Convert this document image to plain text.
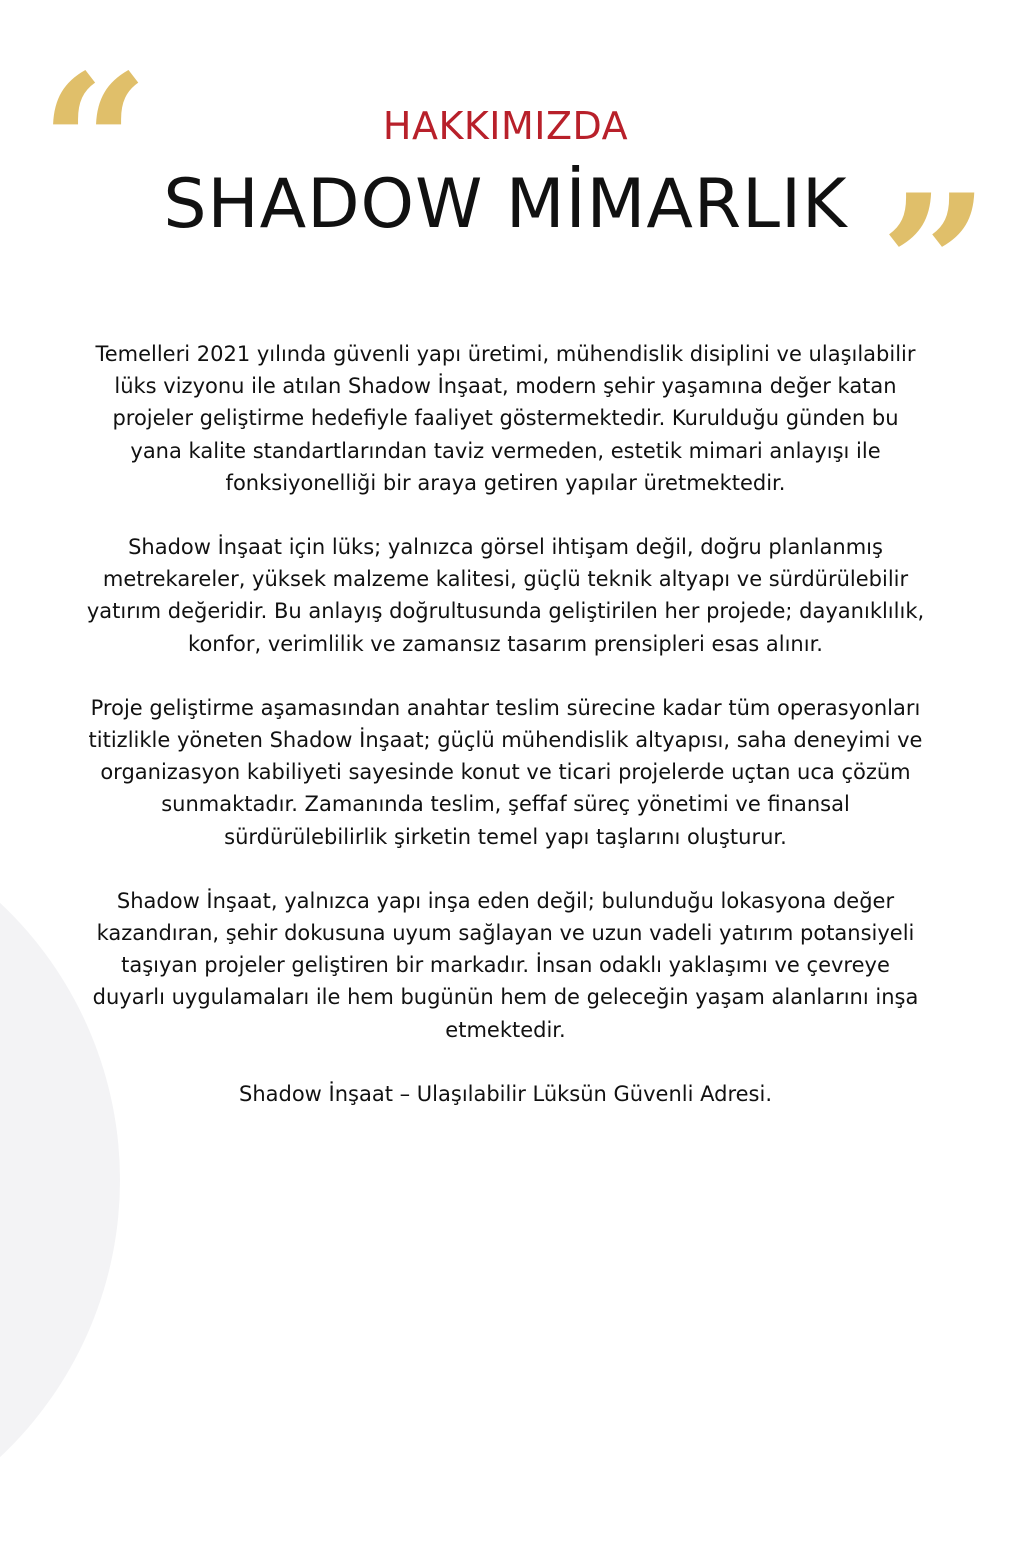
“
”
HAKKIMIZDA
SHADOW MİMARLIK

Temelleri 2021 yılında güvenli yapı üretimi, mühendislik disiplini ve ulaşılabilir lüks vizyonu ile atılan Shadow İnşaat, modern şehir yaşamına değer katan projeler geliştirme hedefiyle faaliyet göstermektedir. Kurulduğu günden bu yana kalite standartlarından taviz vermeden, estetik mimari anlayışı ile fonksiyonelliği bir araya getiren yapılar üretmektedir.

Shadow İnşaat için lüks; yalnızca görsel ihtişam değil, doğru planlanmış metrekareler, yüksek malzeme kalitesi, güçlü teknik altyapı ve sürdürülebilir yatırım değeridir. Bu anlayış doğrultusunda geliştirilen her projede; dayanıklılık, konfor, verimlilik ve zamansız tasarım prensipleri esas alınır.

Proje geliştirme aşamasından anahtar teslim sürecine kadar tüm operasyonları titizlikle yöneten Shadow İnşaat; güçlü mühendislik altyapısı, saha deneyimi ve organizasyon kabiliyeti sayesinde konut ve ticari projelerde uçtan uca çözüm sunmaktadır. Zamanında teslim, şeffaf süreç yönetimi ve finansal sürdürülebilirlik şirketin temel yapı taşlarını oluşturur.

Shadow İnşaat, yalnızca yapı inşa eden değil; bulunduğu lokasyona değer kazandıran, şehir dokusuna uyum sağlayan ve uzun vadeli yatırım potansiyeli taşıyan projeler geliştiren bir markadır. İnsan odaklı yaklaşımı ve çevreye duyarlı uygulamaları ile hem bugünün hem de geleceğin yaşam alanlarını inşa etmektedir.

Shadow İnşaat – Ulaşılabilir Lüksün Güvenli Adresi.
